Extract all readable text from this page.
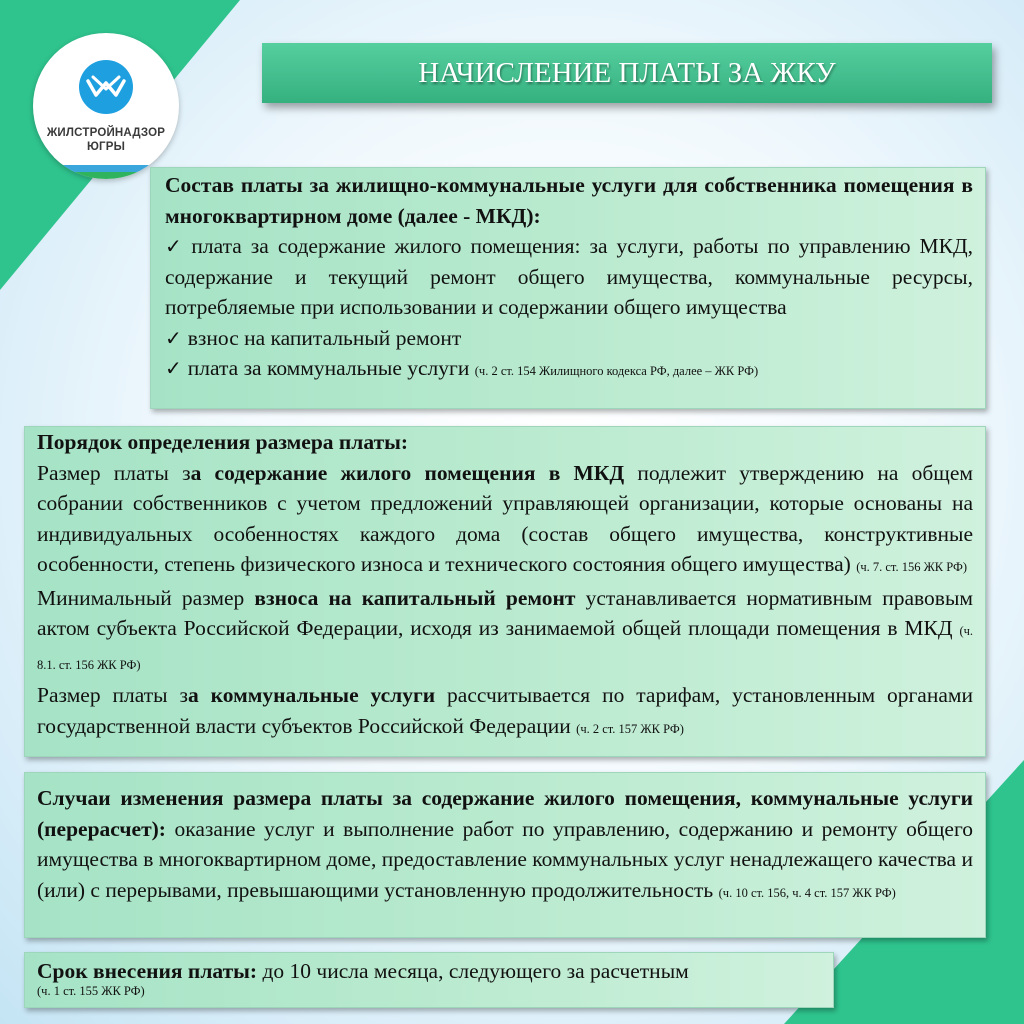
ЖИЛСТРОЙНАДЗОР
ЮГРЫ
НАЧИСЛЕНИЕ ПЛАТЫ ЗА ЖКУ

Состав платы за жилищно-коммунальные услуги для собственника помещения в многоквартирном доме (далее - МКД):

✓ плата за содержание жилого помещения: за услуги, работы по управлению МКД, содержание и текущий ремонт общего имущества, коммунальные ресурсы, потребляемые при использовании и содержании общего имущества

✓ взнос на капитальный ремонт

✓ плата за коммунальные услуги (ч. 2 ст. 154 Жилищного кодекса РФ, далее – ЖК РФ)

Порядок определения размера платы:

Размер платы за содержание жилого помещения в МКД подлежит утверждению на общем собрании собственников с учетом предложений управляющей организации, которые основаны на индивидуальных особенностях каждого дома (состав общего имущества, конструктивные особенности, степень физического износа и технического состояния общего имущества) (ч. 7. ст. 156 ЖК РФ)

Минимальный размер взноса на капитальный ремонт устанавливается нормативным правовым актом субъекта Российской Федерации, исходя из занимаемой общей площади помещения в МКД (ч. 8.1. ст. 156 ЖК РФ)

Размер платы за коммунальные услуги рассчитывается по тарифам, установленным органами государственной власти субъектов Российской Федерации (ч. 2 ст. 157 ЖК РФ)

Случаи изменения размера платы за содержание жилого помещения, коммунальные услуги (перерасчет): оказание услуг и выполнение работ по управлению, содержанию и ремонту общего имущества в многоквартирном доме, предоставление коммунальных услуг ненадлежащего качества и (или) с перерывами, превышающими установленную продолжительность (ч. 10 ст. 156, ч. 4 ст. 157 ЖК РФ)

Срок внесения платы: до 10 числа месяца, следующего за расчетным

(ч. 1 ст. 155 ЖК РФ)
